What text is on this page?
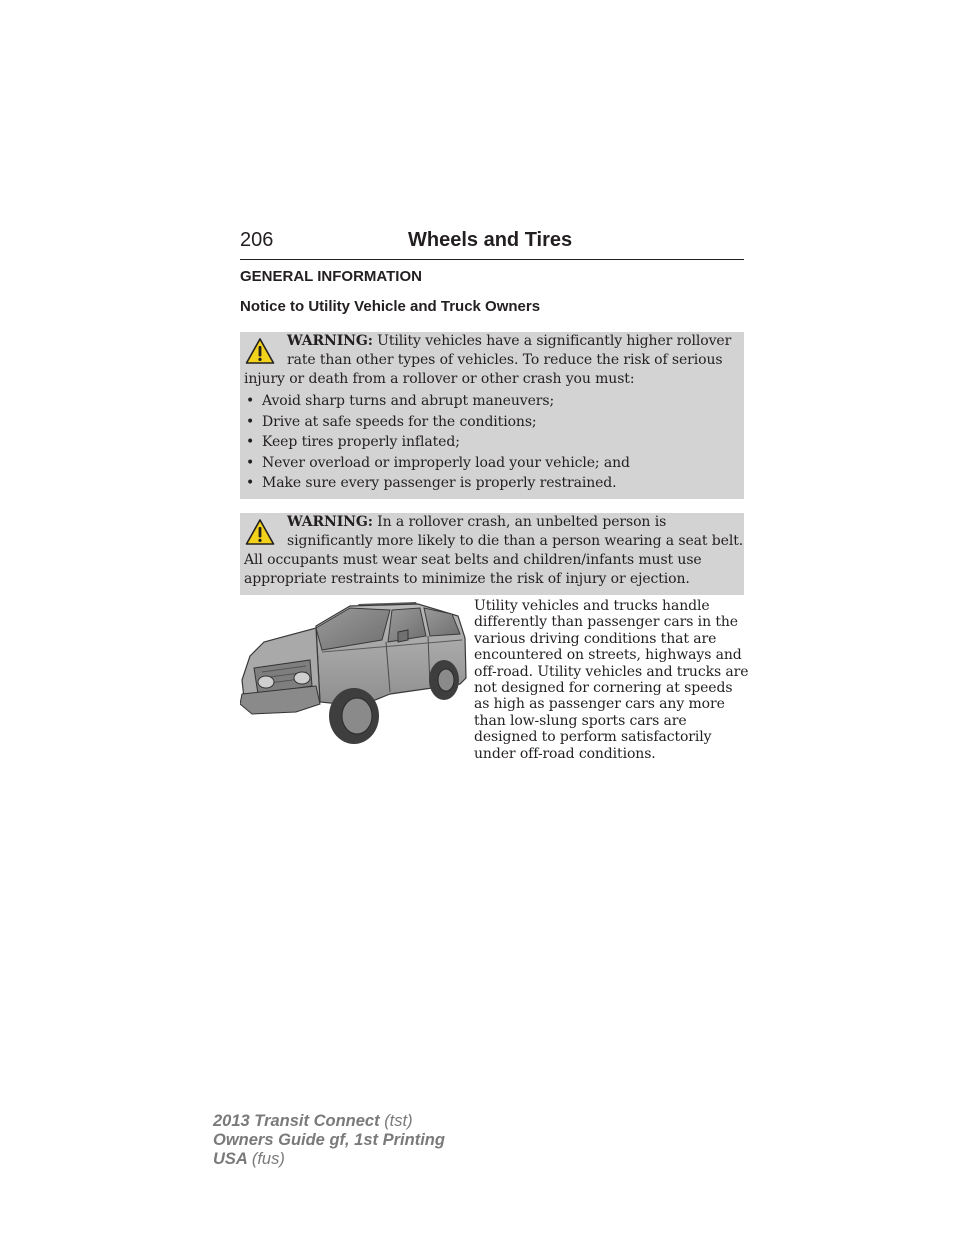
206	Wheels and Tires
GENERAL INFORMATION
Notice to Utility Vehicle and Truck Owners

WARNING: Utility vehicles have a significantly higher rollover
rate than other types of vehicles. To reduce the risk of serious
injury or death from a rollover or other crash you must:

• Avoid sharp turns and abrupt maneuvers;
• Drive at safe speeds for the conditions;
• Keep tires properly inflated;
• Never overload or improperly load your vehicle; and
• Make sure every passenger is properly restrained.

WARNING: In a rollover crash, an unbelted person is
significantly more likely to die than a person wearing a seat belt.
All occupants must wear seat belts and children/infants must use
appropriate restraints to minimize the risk of injury or ejection.

Utility vehicles and trucks handle
differently than passenger cars in the
various driving conditions that are
encountered on streets, highways and
off-road. Utility vehicles and trucks are
not designed for cornering at speeds
as high as passenger cars any more
than low-slung sports cars are
designed to perform satisfactorily
under off-road conditions.
2013 Transit Connect (tst)
Owners Guide gf, 1st Printing
USA (fus)
